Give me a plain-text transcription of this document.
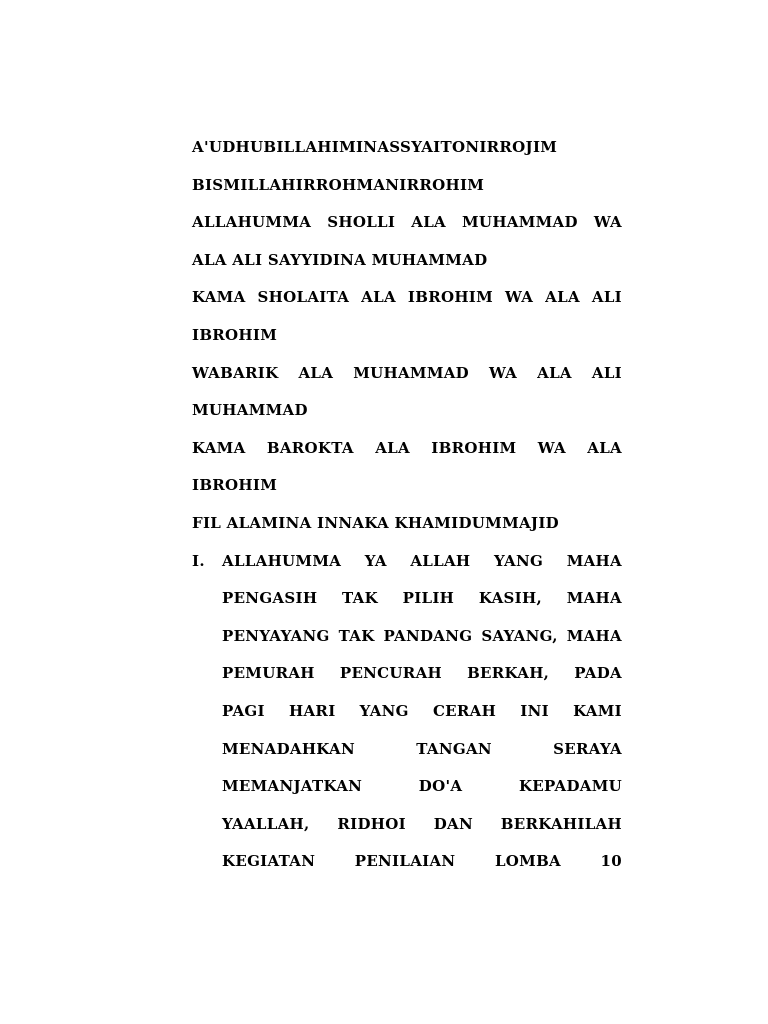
A'UDHUBILLAHIMINASSYAITONIRROJIM
BISMILLAHIRROHMANIRROHIM
ALLAHUMMA SHOLLI ALA MUHAMMAD WA
ALA ALI SAYYIDINA MUHAMMAD
KAMA SHOLAITA ALA IBROHIM WA ALA ALI
IBROHIM
WABARIK ALA MUHAMMAD WA ALA ALI
MUHAMMAD
KAMA BAROKTA ALA IBROHIM WA ALA
IBROHIM
FIL ALAMINA INNAKA KHAMIDUMMAJID
I.	ALLAHUMMA YA ALLAH YANG MAHA
PENGASIH TAK PILIH KASIH, MAHA
PENYAYANG TAK PANDANG SAYANG, MAHA
PEMURAH PENCURAH BERKAH, PADA
PAGI HARI YANG CERAH INI KAMI
MENADAHKAN	TANGAN	SERAYA
MEMANJATKAN	DO'A	KEPADAMU
YAALLAH, RIDHOI DAN BERKAHILAH
KEGIATAN	PENILAIAN	LOMBA	10
